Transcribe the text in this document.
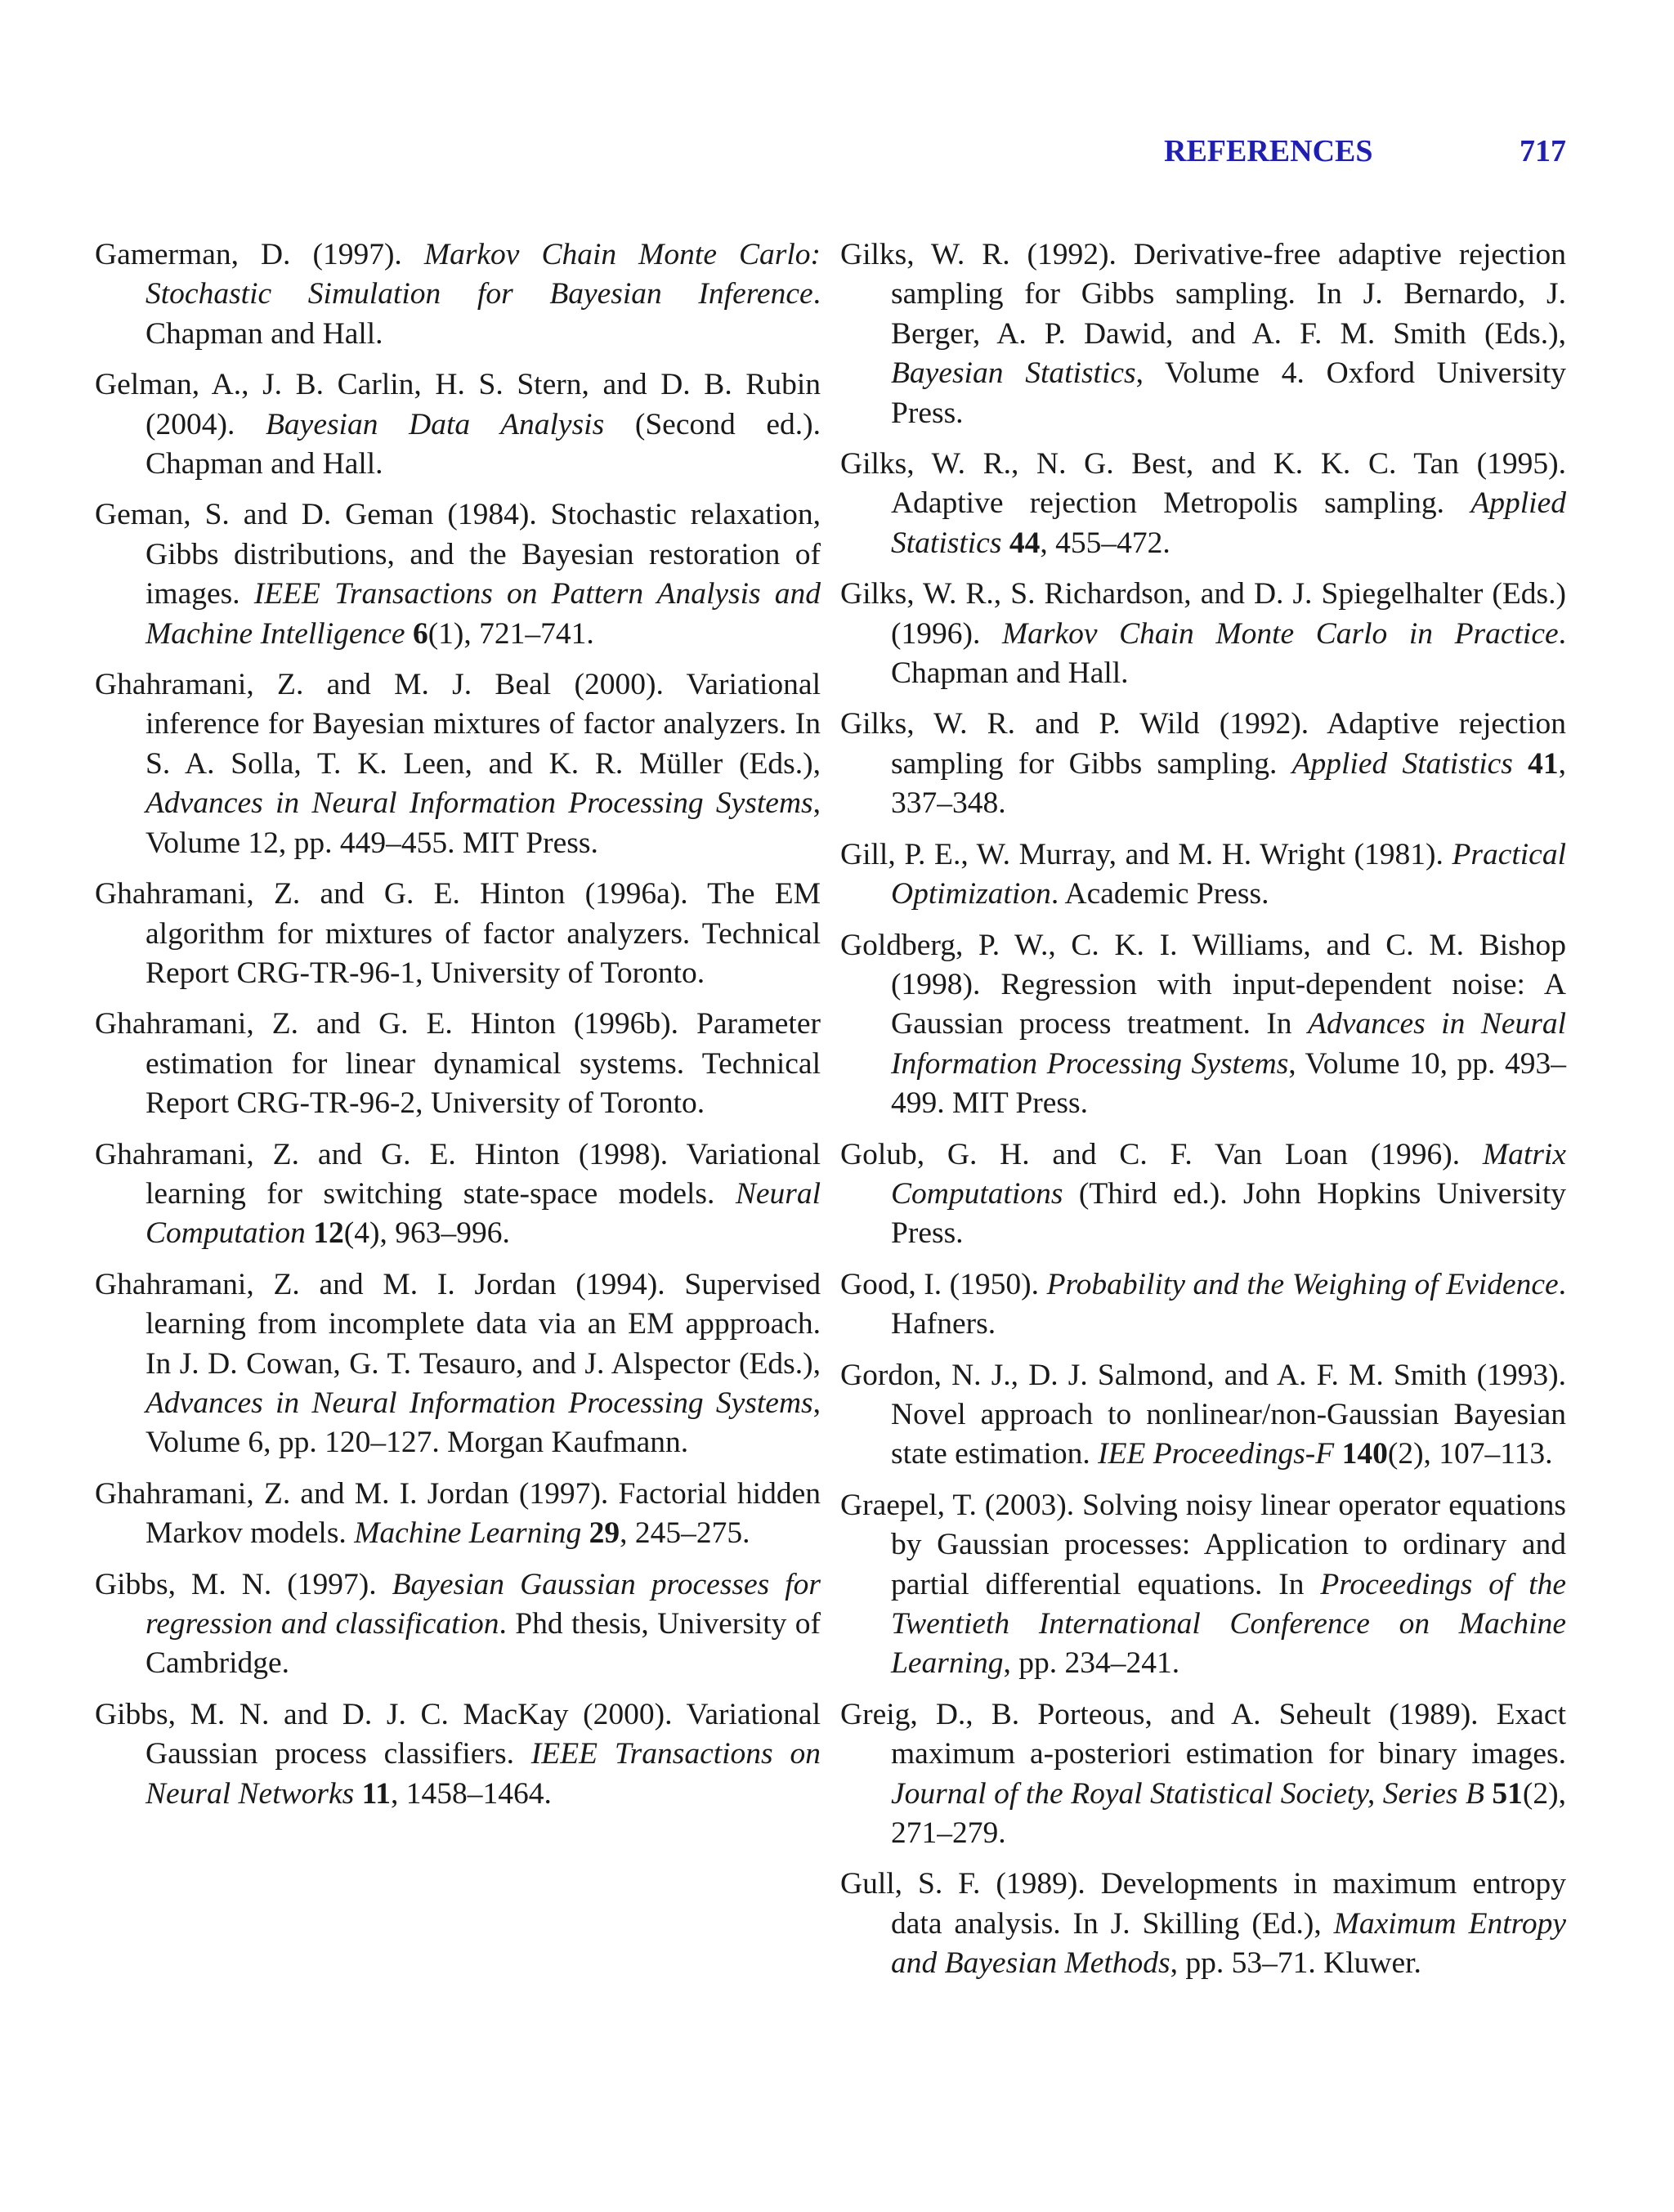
REFERENCES	717

Gamerman, D. (1997). Markov Chain Monte Carlo: Stochastic Simulation for Bayesian Inference. Chapman and Hall.

Gelman, A., J. B. Carlin, H. S. Stern, and D. B. Rubin (2004). Bayesian Data Analysis (Second ed.). Chapman and Hall.

Geman, S. and D. Geman (1984). Stochastic relaxation, Gibbs distributions, and the Bayesian restoration of images. IEEE Transactions on Pattern Analysis and Machine Intelligence 6(1), 721–741.

Ghahramani, Z. and M. J. Beal (2000). Variational inference for Bayesian mixtures of factor analyzers. In S. A. Solla, T. K. Leen, and K. R. Müller (Eds.), Advances in Neural Information Processing Systems, Volume 12, pp. 449–455. MIT Press.

Ghahramani, Z. and G. E. Hinton (1996a). The EM algorithm for mixtures of factor analyzers. Technical Report CRG-TR-96-1, University of Toronto.

Ghahramani, Z. and G. E. Hinton (1996b). Parameter estimation for linear dynamical systems. Technical Report CRG-TR-96-2, University of Toronto.

Ghahramani, Z. and G. E. Hinton (1998). Variational learning for switching state-space models. Neural Computation 12(4), 963–996.

Ghahramani, Z. and M. I. Jordan (1994). Supervised learning from incomplete data via an EM appproach. In J. D. Cowan, G. T. Tesauro, and J. Alspector (Eds.), Advances in Neural Information Processing Systems, Volume 6, pp. 120–127. Morgan Kaufmann.

Ghahramani, Z. and M. I. Jordan (1997). Factorial hidden Markov models. Machine Learning 29, 245–275.

Gibbs, M. N. (1997). Bayesian Gaussian processes for regression and classification. Phd thesis, University of Cambridge.

Gibbs, M. N. and D. J. C. MacKay (2000). Variational Gaussian process classifiers. IEEE Transactions on Neural Networks 11, 1458–1464.

Gilks, W. R. (1992). Derivative-free adaptive rejection sampling for Gibbs sampling. In J. Bernardo, J. Berger, A. P. Dawid, and A. F. M. Smith (Eds.), Bayesian Statistics, Volume 4. Oxford University Press.

Gilks, W. R., N. G. Best, and K. K. C. Tan (1995). Adaptive rejection Metropolis sampling. Applied Statistics 44, 455–472.

Gilks, W. R., S. Richardson, and D. J. Spiegelhalter (Eds.) (1996). Markov Chain Monte Carlo in Practice. Chapman and Hall.

Gilks, W. R. and P. Wild (1992). Adaptive rejection sampling for Gibbs sampling. Applied Statistics 41, 337–348.

Gill, P. E., W. Murray, and M. H. Wright (1981). Practical Optimization. Academic Press.

Goldberg, P. W., C. K. I. Williams, and C. M. Bishop (1998). Regression with input-dependent noise: A Gaussian process treatment. In Advances in Neural Information Processing Systems, Volume 10, pp. 493–499. MIT Press.

Golub, G. H. and C. F. Van Loan (1996). Matrix Computations (Third ed.). John Hopkins University Press.

Good, I. (1950). Probability and the Weighing of Evidence. Hafners.

Gordon, N. J., D. J. Salmond, and A. F. M. Smith (1993). Novel approach to nonlinear/non-Gaussian Bayesian state estimation. IEE Proceedings-F 140(2), 107–113.

Graepel, T. (2003). Solving noisy linear operator equations by Gaussian processes: Application to ordinary and partial differential equations. In Proceedings of the Twentieth International Conference on Machine Learning, pp. 234–241.

Greig, D., B. Porteous, and A. Seheult (1989). Exact maximum a-posteriori estimation for binary images. Journal of the Royal Statistical Society, Series B 51(2), 271–279.

Gull, S. F. (1989). Developments in maximum entropy data analysis. In J. Skilling (Ed.), Maximum Entropy and Bayesian Methods, pp. 53–71. Kluwer.
